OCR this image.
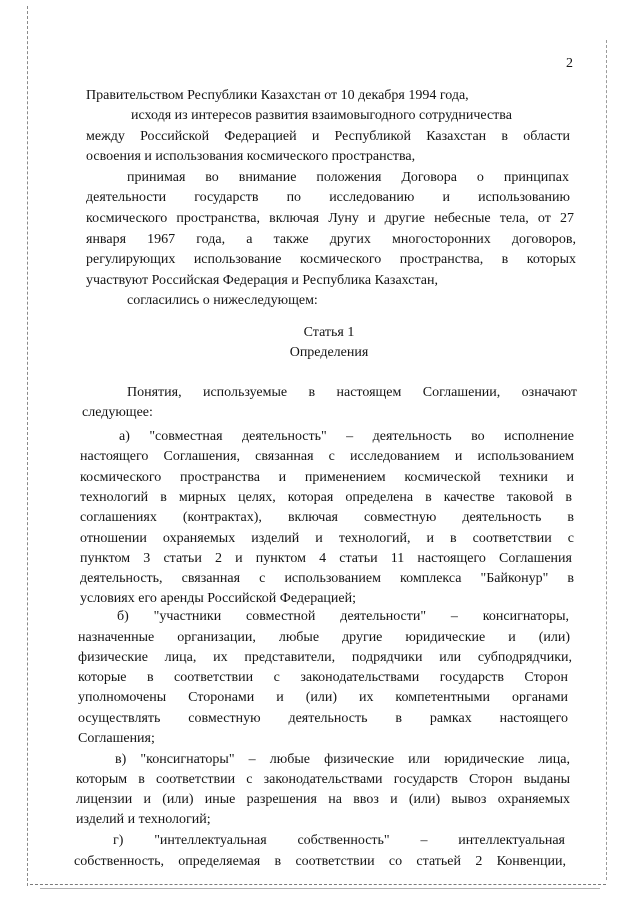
2
Правительством Республики Казахстан от 10 декабря 1994 года,
исходя из интересов развития взаимовыгодного сотрудничества
между Российской Федерацией и Республикой Казахстан в области
освоения и использования космического пространства,
принимая во внимание положения Договора о принципах
деятельности государств по исследованию и использованию
космического пространства, включая Луну и другие небесные тела, от 27
января 1967 года, а также других многосторонних договоров,
регулирующих использование космического пространства, в которых
участвуют Российская Федерация и Республика Казахстан,
согласились о нижеследующем:
Статья 1
Определения
Понятия, используемые в настоящем Соглашении, означают
следующее:
а) "совместная деятельность" – деятельность во исполнение
настоящего Соглашения, связанная с исследованием и использованием
космического пространства и применением космической техники и
технологий в мирных целях, которая определена в качестве таковой в
соглашениях (контрактах), включая совместную деятельность в
отношении охраняемых изделий и технологий, и в соответствии с
пунктом 3 статьи 2 и пунктом 4 статьи 11 настоящего Соглашения
деятельность, связанная с использованием комплекса "Байконур" в
условиях его аренды Российской Федерацией;
б) "участники совместной деятельности" – консигнаторы,
назначенные организации, любые другие юридические и (или)
физические лица, их представители, подрядчики или субподрядчики,
которые в соответствии с законодательствами государств Сторон
уполномочены Сторонами и (или) их компетентными органами
осуществлять совместную деятельность в рамках настоящего
Соглашения;
в) "консигнаторы" – любые физические или юридические лица,
которым в соответствии с законодательствами государств Сторон выданы
лицензии и (или) иные разрешения на ввоз и (или) вывоз охраняемых
изделий и технологий;
г) "интеллектуальная собственность" – интеллектуальная
собственность, определяемая в соответствии со статьей 2 Конвенции,
